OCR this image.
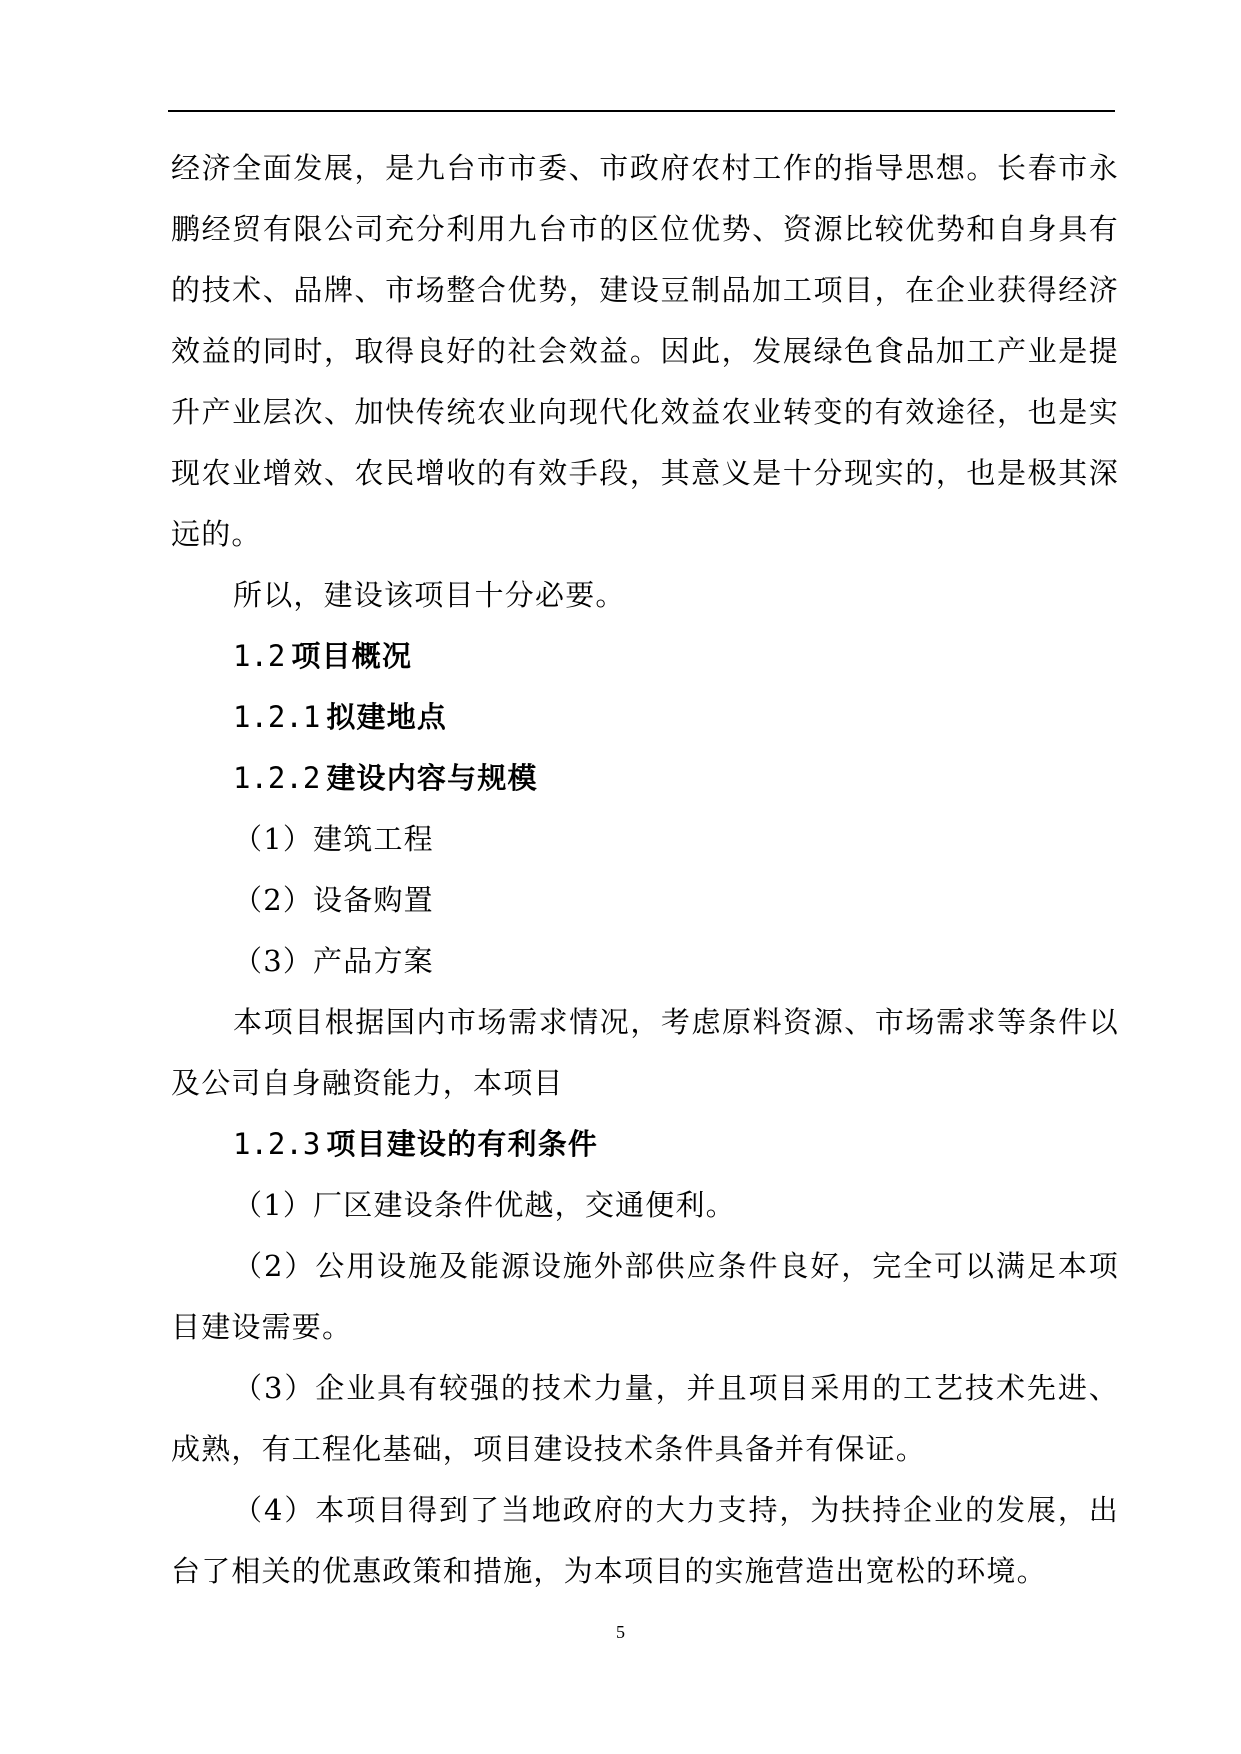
经济全面发展，是九台市市委、市政府农村工作的指导思想。长春市永鹏经贸有限公司充分利用九台市的区位优势、资源比较优势和自身具有的技术、品牌、市场整合优势，建设豆制品加工项目，在企业获得经济效益的同时，取得良好的社会效益。因此，发展绿色食品加工产业是提升产业层次、加快传统农业向现代化效益农业转变的有效途径，也是实现农业增效、农民增收的有效手段，其意义是十分现实的，也是极其深远的。

所以，建设该项目十分必要。

1.2 项目概况

1.2.1 拟建地点

1.2.2 建设内容与规模

（1）建筑工程

（2）设备购置

（3）产品方案

本项目根据国内市场需求情况，考虑原料资源、市场需求等条件以及公司自身融资能力，本项目

1.2.3 项目建设的有利条件

（1）厂区建设条件优越，交通便利。

（2）公用设施及能源设施外部供应条件良好，完全可以满足本项目建设需要。

（3）企业具有较强的技术力量，并且项目采用的工艺技术先进、成熟，有工程化基础，项目建设技术条件具备并有保证。

（4）本项目得到了当地政府的大力支持，为扶持企业的发展，出台了相关的优惠政策和措施，为本项目的实施营造出宽松的环境。

5
